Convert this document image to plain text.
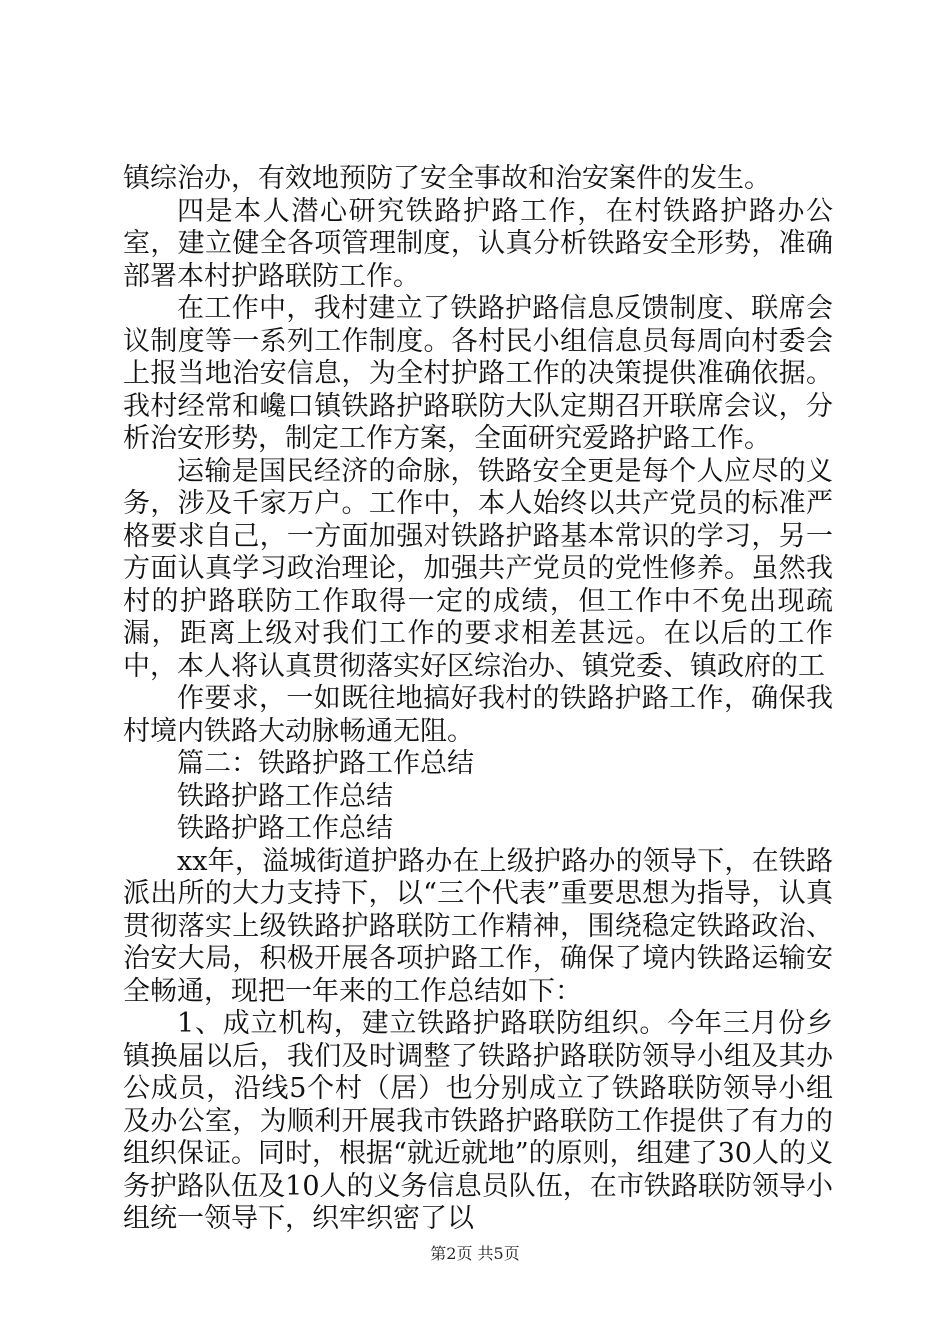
镇综治办，有效地预防了安全事故和治安案件的发生。

四是本人潜心研究铁路护路工作，在村铁路护路办公室，建立健全各项管理制度，认真分析铁路安全形势，准确部署本村护路联防工作。

在工作中，我村建立了铁路护路信息反馈制度、联席会议制度等一系列工作制度。各村民小组信息员每周向村委会上报当地治安信息，为全村护路工作的决策提供准确依据。我村经常和巉口镇铁路护路联防大队定期召开联席会议，分析治安形势，制定工作方案，全面研究爱路护路工作。

运输是国民经济的命脉，铁路安全更是每个人应尽的义务，涉及千家万户。工作中，本人始终以共产党员的标准严格要求自己，一方面加强对铁路护路基本常识的学习，另一方面认真学习政治理论，加强共产党员的党性修养。虽然我村的护路联防工作取得一定的成绩，但工作中不免出现疏漏，距离上级对我们工作的要求相差甚远。在以后的工作中，本人将认真贯彻落实好区综治办、镇党委、镇政府的工

作要求，一如既往地搞好我村的铁路护路工作，确保我村境内铁路大动脉畅通无阻。

篇二：铁路护路工作总结

铁路护路工作总结

铁路护路工作总结

xx年，溢城街道护路办在上级护路办的领导下，在铁路派出所的大力支持下，以“三个代表”重要思想为指导，认真贯彻落实上级铁路护路联防工作精神，围绕稳定铁路政治、治安大局，积极开展各项护路工作，确保了境内铁路运输安全畅通，现把一年来的工作总结如下：

1、成立机构，建立铁路护路联防组织。今年三月份乡镇换届以后，我们及时调整了铁路护路联防领导小组及其办公成员，沿线5个村（居）也分别成立了铁路联防领导小组及办公室，为顺利开展我市铁路护路联防工作提供了有力的组织保证。同时，根据“就近就地”的原则，组建了30人的义务护路队伍及10人的义务信息员队伍，在市铁路联防领导小组统一领导下，织牢织密了以

第2页 共5页
